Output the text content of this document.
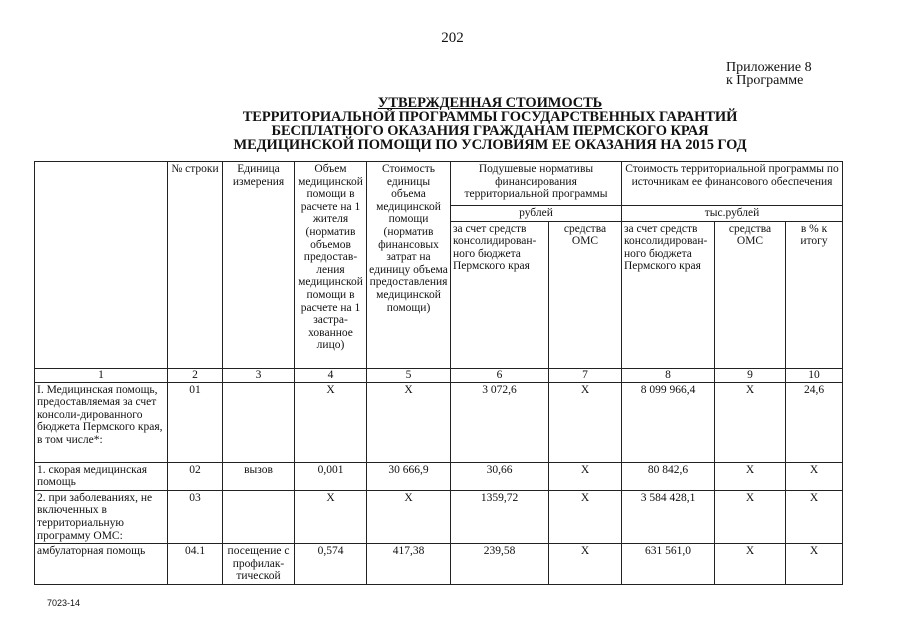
202
Приложение 8
к Программе
УТВЕРЖДЕННАЯ СТОИМОСТЬ
ТЕРРИТОРИАЛЬНОЙ ПРОГРАММЫ ГОСУДАРСТВЕННЫХ ГАРАНТИЙ
БЕСПЛАТНОГО ОКАЗАНИЯ ГРАЖДАНАМ ПЕРМСКОГО КРАЯ
МЕДИЦИНСКОЙ ПОМОЩИ ПО УСЛОВИЯМ ЕЕ ОКАЗАНИЯ НА 2015 ГОД
	№ строки	Единица измерения	Объем медицинской помощи в расчете на 1 жителя (норматив объемов предостав-ления медицинской помощи в расчете на 1 застра-хованное лицо)	Стоимость единицы объема медицинской помощи (норматив финансовых затрат на единицу объема предоставления медицинской помощи)	Подушевые нормативы финансирования территориальной программы		Стоимость территориальной программы по источникам ее финансового обеспечения		
					рублей		тыс.рублей		
					за счет средств консолидирован-ного бюджета Пермского края	средства ОМС	за счет средств консолидирован-ного бюджета Пермского края	средства ОМС	в % к итогу
1	2	3	4	5	6	7	8	9	10
I. Медицинская помощь, предоставляемая за счет консоли-дированного бюджета Пермского края, в том числе*:	01		Х	Х	3 072,6	Х	8 099 966,4	Х	24,6
1. скорая медицинская помощь	02	вызов	0,001	30 666,9	30,66	Х	80 842,6	Х	Х
2. при заболеваниях, не включенных в территориальную программу ОМС:	03		Х	Х	1359,72	Х	3 584 428,1	Х	Х
амбулаторная помощь	04.1	посещение с профилак-тической	0,574	417,38	239,58	Х	631 561,0	Х	Х
7023-14
